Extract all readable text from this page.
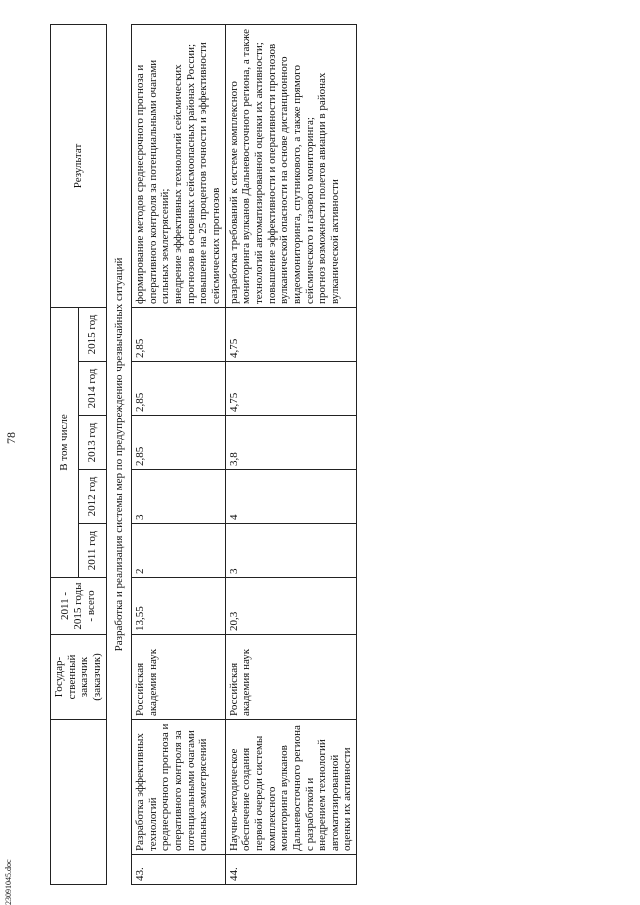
78
23091045.doc
		Государ-
ственный заказчик (заказчик)	2011 - 2015 годы - всего	В том числе					Результат
				2011 год	2012 год	2013 год	2014 год	2015 год	
Разработка и реализация системы мер по предупреждению чрезвычайных ситуаций									
43.	Разработка эффективных технологий среднесрочного прогноза и оперативного контроля за потенциальными очагами сильных землетрясений	Российская академия наук	13,55	2	3	2,85	2,85	2,85	формирование методов среднесрочного прогноза и оперативного контроля за потенциальными очагами сильных землетрясений; внедрение эффективных технологий сейсмических прогнозов в основных сейсмоопасных районах России; повышение на 25 процентов точности и эффективности сейсмических прогнозов

44.	Научно-методическое обеспечение создания первой очереди системы комплексного мониторинга вулканов Дальневосточного региона с разработкой и внедрением технологий автоматизированной оценки их активности	Российская академия наук	20,3	3	4	3,8	4,75	4,75	разработка требований к системе комплексного мониторинга вулканов Дальневосточного региона, а также технологий автоматизированной оценки их активности; повышение эффективности и оперативности прогнозов вулканической опасности на основе дистанционного видеомониторинга, спутникового, а также прямого сейсмического и газового мониторинга; прогноз возможности полетов авиации в районах вулканической активности
